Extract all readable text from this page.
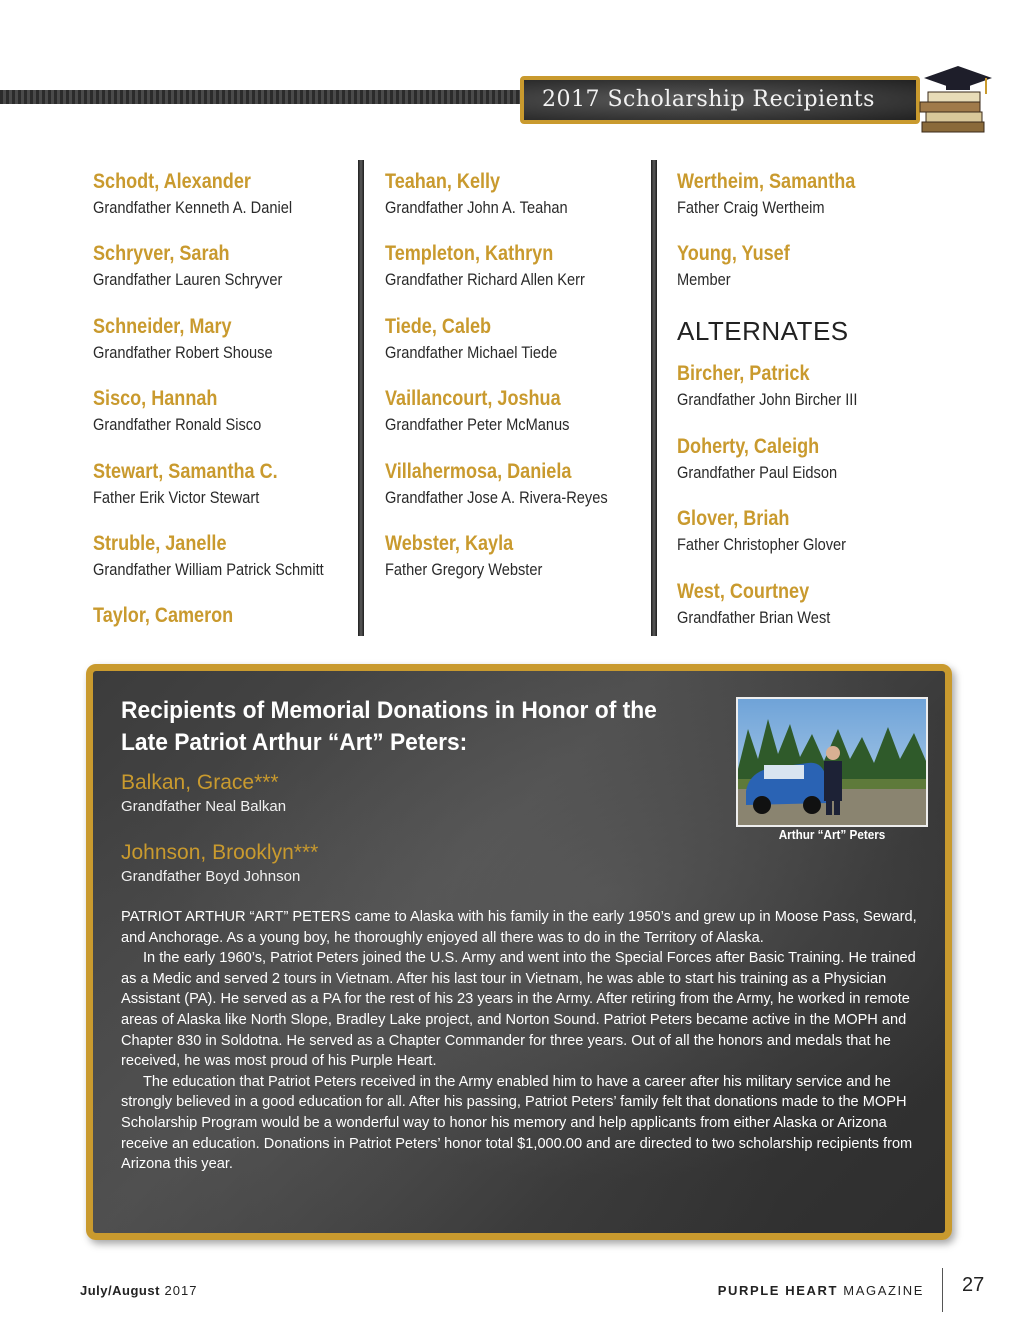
2017 Scholarship Recipients
Schodt, Alexander
Grandfather Kenneth A. Daniel
Schryver, Sarah
Grandfather Lauren Schryver
Schneider, Mary
Grandfather Robert Shouse
Sisco, Hannah
Grandfather Ronald Sisco
Stewart, Samantha C.
Father Erik Victor Stewart
Struble, Janelle
Grandfather William Patrick Schmitt
Taylor, Cameron
Teahan, Kelly
Grandfather John A. Teahan
Templeton, Kathryn
Grandfather Richard Allen Kerr
Tiede, Caleb
Grandfather Michael Tiede
Vaillancourt, Joshua
Grandfather Peter McManus
Villahermosa, Daniela
Grandfather Jose A. Rivera-Reyes
Webster, Kayla
Father Gregory Webster
Wertheim, Samantha
Father Craig Wertheim
Young, Yusef
Member
ALTERNATES
Bircher, Patrick
Grandfather John Bircher III
Doherty, Caleigh
Grandfather Paul Eidson
Glover, Briah
Father Christopher Glover
West, Courtney
Grandfather Brian West
Recipients of Memorial Donations in Honor of the Late Patriot Arthur “Art” Peters:
Balkan, Grace***
Grandfather Neal Balkan
Johnson, Brooklyn***
Grandfather Boyd Johnson
Arthur “Art” Peters

PATRIOT ARTHUR “ART” PETERS came to Alaska with his family in the early 1950’s and grew up in Moose Pass, Seward, and Anchorage. As a young boy, he thoroughly enjoyed all there was to do in the Territory of Alaska.

In the early 1960’s, Patriot Peters joined the U.S. Army and went into the Special Forces after Basic Training. He trained as a Medic and served 2 tours in Vietnam. After his last tour in Vietnam, he was able to start his training as a Physician Assistant (PA). He served as a PA for the rest of his 23 years in the Army. After retiring from the Army, he worked in remote areas of Alaska like North Slope, Bradley Lake project, and Norton Sound. Patriot Peters became active in the MOPH and Chapter 830 in Soldotna. He served as a Chapter Commander for three years. Out of all the honors and medals that he received, he was most proud of his Purple Heart.

The education that Patriot Peters received in the Army enabled him to have a career after his military service and he strongly believed in a good education for all. After his passing, Patriot Peters’ family felt that donations made to the MOPH Scholarship Program would be a wonderful way to honor his memory and help applicants from either Alaska or Arizona receive an education. Donations in Patriot Peters’ honor total $1,000.00 and are directed to two scholarship recipients from Arizona this year.

July/August 2017	PURPLE HEART MAGAZINE 27
